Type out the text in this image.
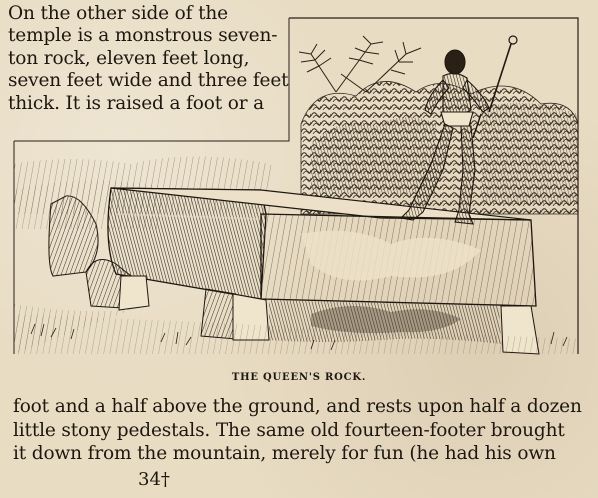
On the other side of the
temple is a monstrous seven-
ton rock, eleven feet long,
seven feet wide and three feet
thick. It is raised a foot or a
THE QUEEN'S ROCK.
foot and a half above the ground, and rests upon half a dozen
little stony pedestals. The same old fourteen-footer brought
it down from the mountain, merely for fun (he had his own
34†
